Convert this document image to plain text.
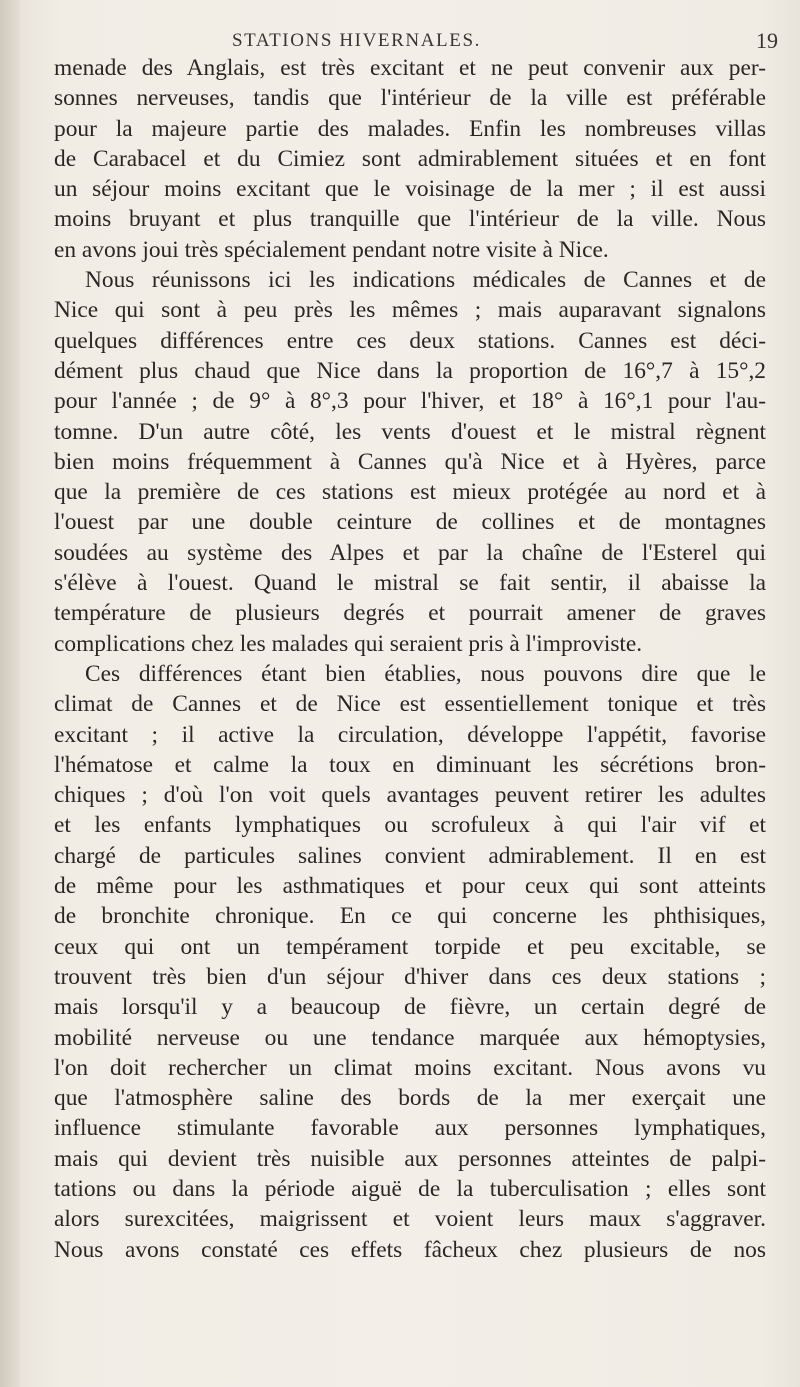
STATIONS HIVERNALES.	19
menade des Anglais, est très excitant et ne peut convenir aux per-
sonnes nerveuses, tandis que l'intérieur de la ville est préférable
pour la majeure partie des malades. Enfin les nombreuses villas
de Carabacel et du Cimiez sont admirablement situées et en font
un séjour moins excitant que le voisinage de la mer ; il est aussi
moins bruyant et plus tranquille que l'intérieur de la ville. Nous
en avons joui très spécialement pendant notre visite à Nice.
Nous réunissons ici les indications médicales de Cannes et de
Nice qui sont à peu près les mêmes ; mais auparavant signalons
quelques différences entre ces deux stations. Cannes est déci-
dément plus chaud que Nice dans la proportion de 16°,7 à 15°,2
pour l'année ; de 9° à 8°,3 pour l'hiver, et 18° à 16°,1 pour l'au-
tomne. D'un autre côté, les vents d'ouest et le mistral règnent
bien moins fréquemment à Cannes qu'à Nice et à Hyères, parce
que la première de ces stations est mieux protégée au nord et à
l'ouest par une double ceinture de collines et de montagnes
soudées au système des Alpes et par la chaîne de l'Esterel qui
s'élève à l'ouest. Quand le mistral se fait sentir, il abaisse la
température de plusieurs degrés et pourrait amener de graves
complications chez les malades qui seraient pris à l'improviste.
Ces différences étant bien établies, nous pouvons dire que le
climat de Cannes et de Nice est essentiellement tonique et très
excitant ; il active la circulation, développe l'appétit, favorise
l'hématose et calme la toux en diminuant les sécrétions bron-
chiques ; d'où l'on voit quels avantages peuvent retirer les adultes
et les enfants lymphatiques ou scrofuleux à qui l'air vif et
chargé de particules salines convient admirablement. Il en est
de même pour les asthmatiques et pour ceux qui sont atteints
de bronchite chronique. En ce qui concerne les phthisiques,
ceux qui ont un tempérament torpide et peu excitable, se
trouvent très bien d'un séjour d'hiver dans ces deux stations ;
mais lorsqu'il y a beaucoup de fièvre, un certain degré de
mobilité nerveuse ou une tendance marquée aux hémoptysies,
l'on doit rechercher un climat moins excitant. Nous avons vu
que l'atmosphère saline des bords de la mer exerçait une
influence stimulante favorable aux personnes lymphatiques,
mais qui devient très nuisible aux personnes atteintes de palpi-
tations ou dans la période aiguë de la tuberculisation ; elles sont
alors surexcitées, maigrissent et voient leurs maux s'aggraver.
Nous avons constaté ces effets fâcheux chez plusieurs de nos
